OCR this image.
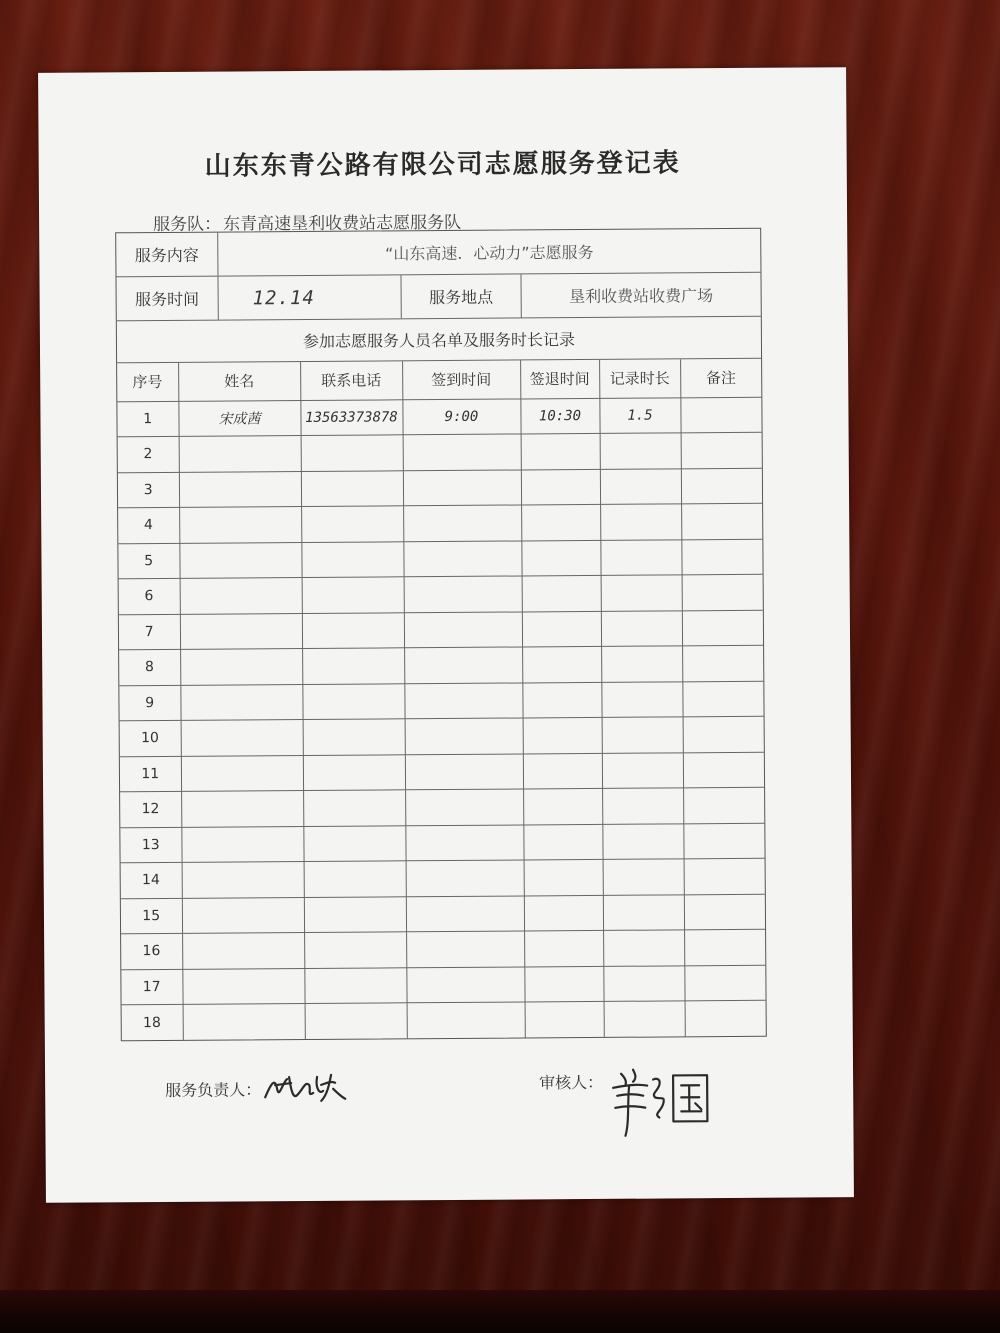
山东东青公路有限公司志愿服务登记表
服务队： 东青高速垦利收费站志愿服务队
服务内容	“山东高速．心动力”志愿服务
服务时间	12.14	服务地点	垦利收费站收费广场
参加志愿服务人员名单及服务时长记录
序号	姓名	联系电话	签到时间	签退时间	记录时长	备注
1	宋成茜	13563373878	9:00	10:30	1.5	
2						
3						
4						
5						
6						
7						
8						
9						
10						
11						
12						
13						
14						
15						
16						
17						
18						
服务负责人：	审核人：
